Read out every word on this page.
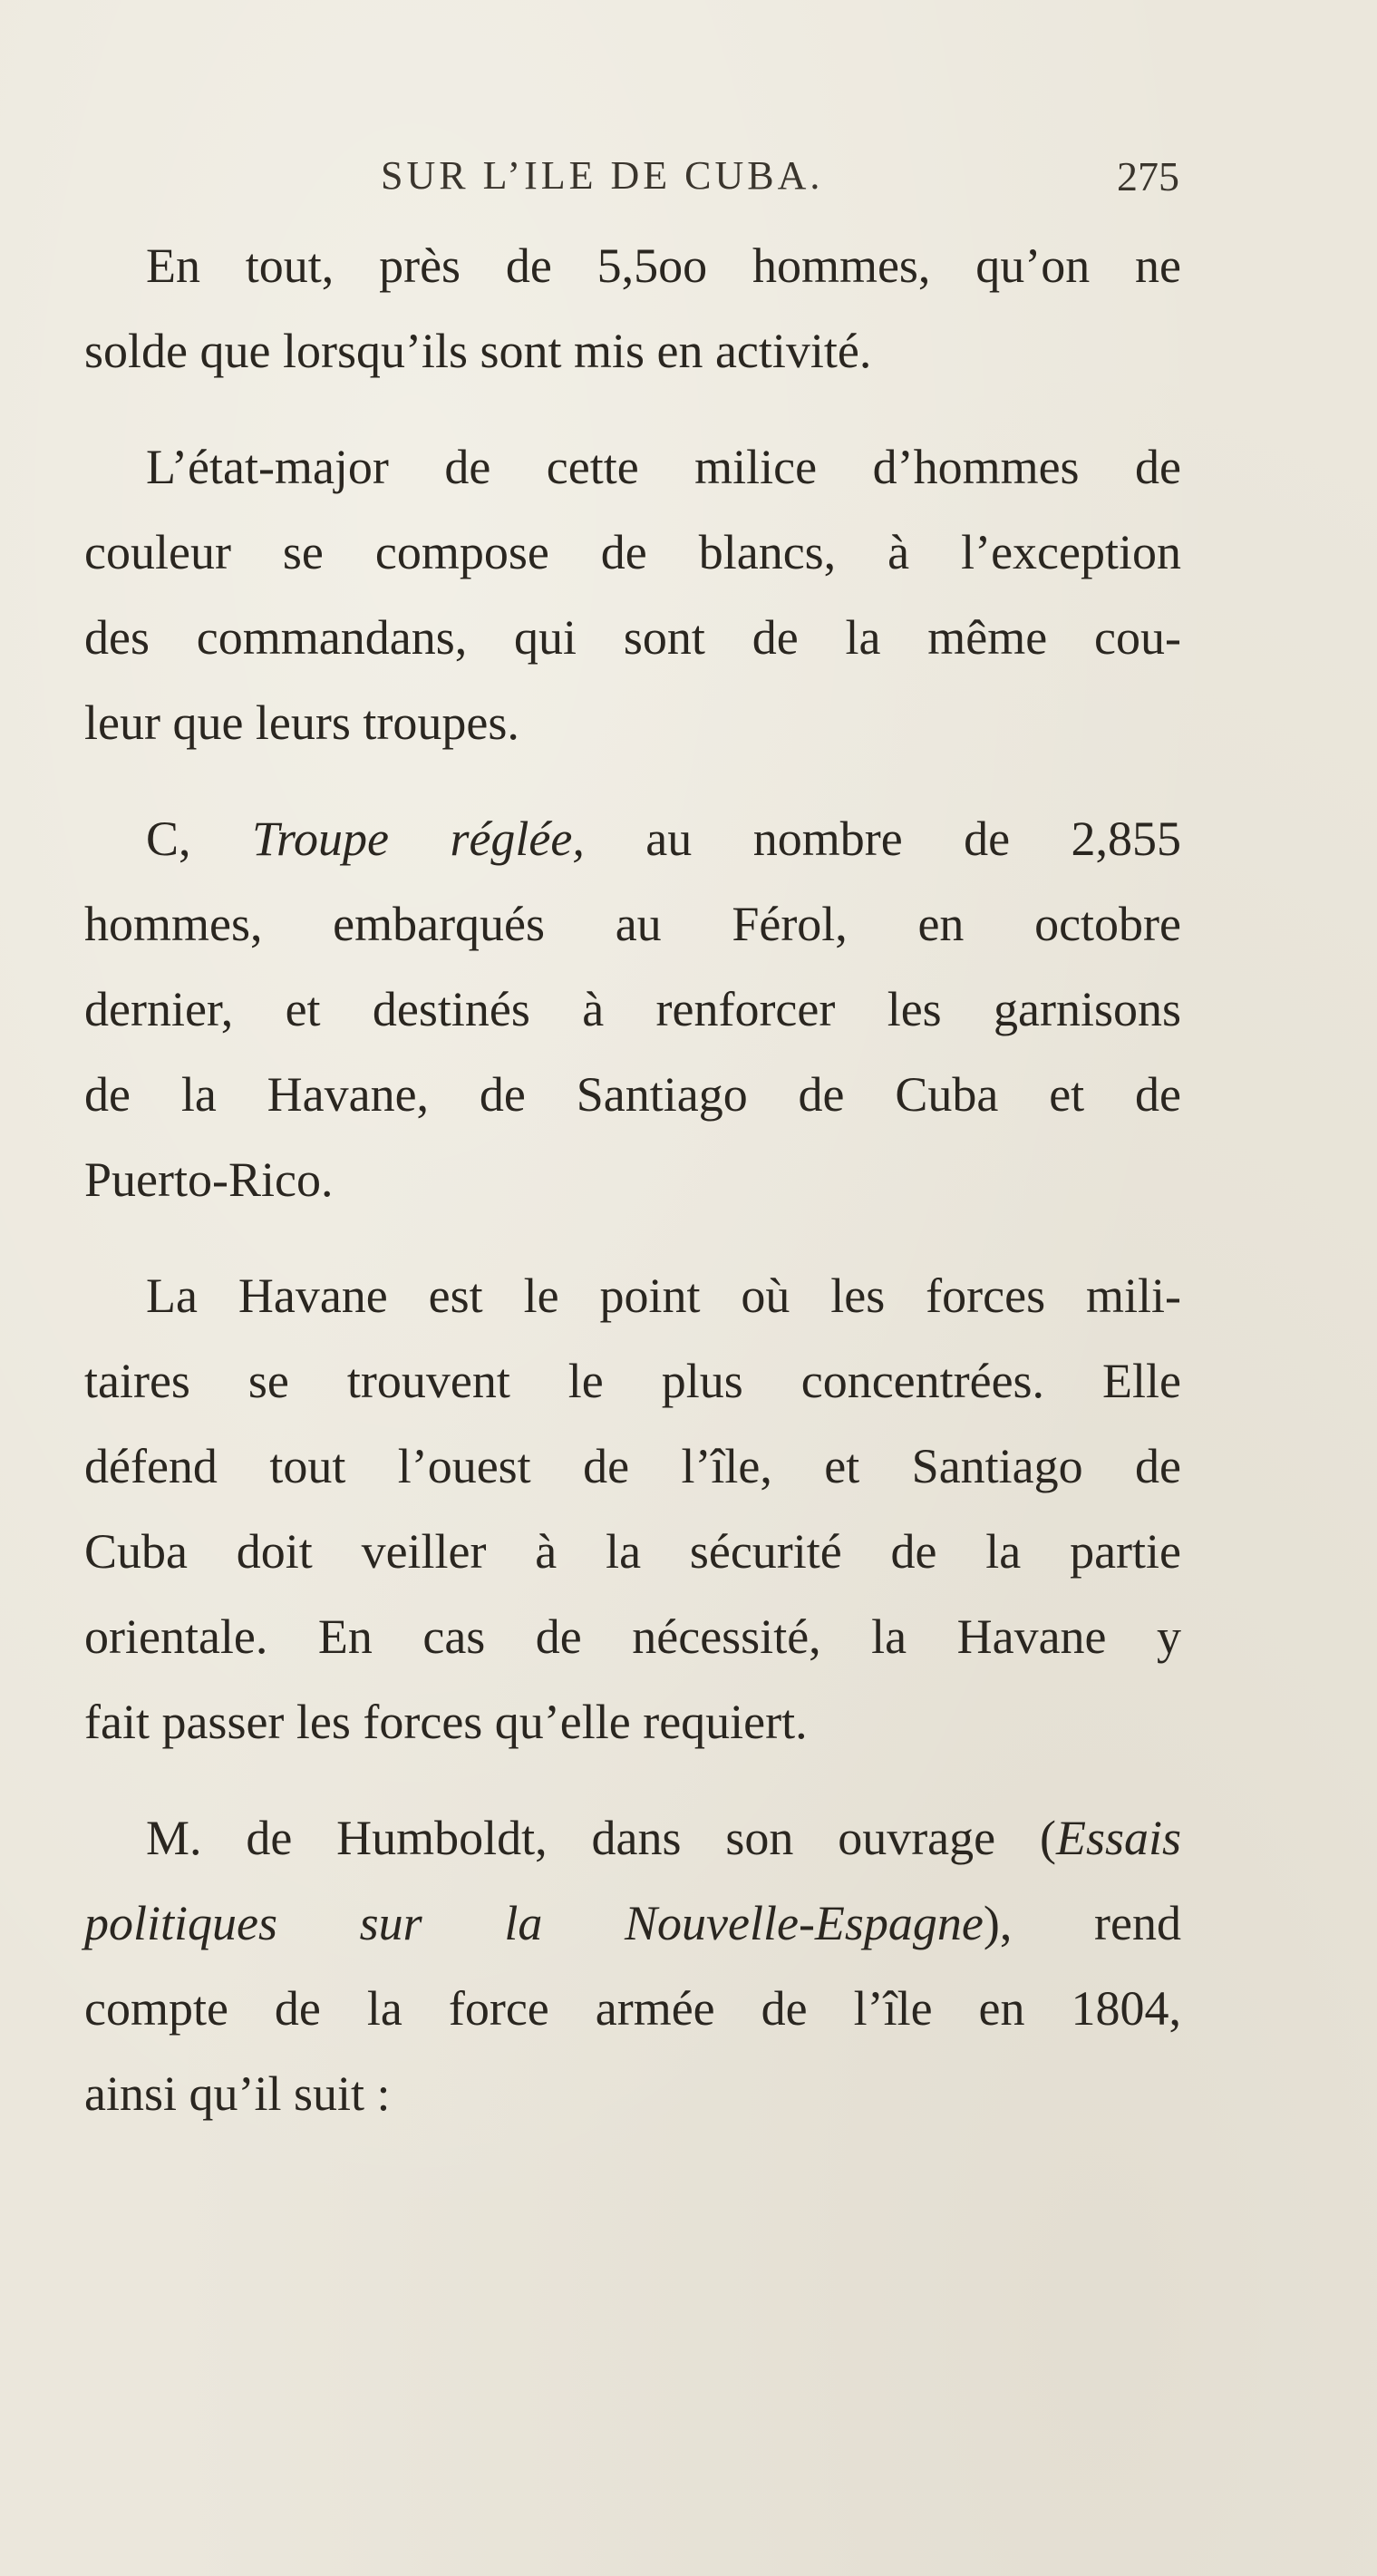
SUR L’ILE DE CUBA.	275
En tout, près de 5,5oo hommes, qu’on ne
solde que lorsqu’ils sont mis en activité.
L’état-major de cette milice d’hommes de
couleur se compose de blancs, à l’exception
des commandans, qui sont de la même cou-
leur que leurs troupes.
C, Troupe réglée, au nombre de 2,855
hommes, embarqués au Férol, en octobre
dernier, et destinés à renforcer les garnisons
de la Havane, de Santiago de Cuba et de
Puerto-Rico.
La Havane est le point où les forces mili-
taires se trouvent le plus concentrées. Elle
défend tout l’ouest de l’île, et Santiago de
Cuba doit veiller à la sécurité de la partie
orientale. En cas de nécessité, la Havane y
fait passer les forces qu’elle requiert.
M. de Humboldt, dans son ouvrage (Essais
politiques sur la Nouvelle-Espagne), rend
compte de la force armée de l’île en 1804,
ainsi qu’il suit :
